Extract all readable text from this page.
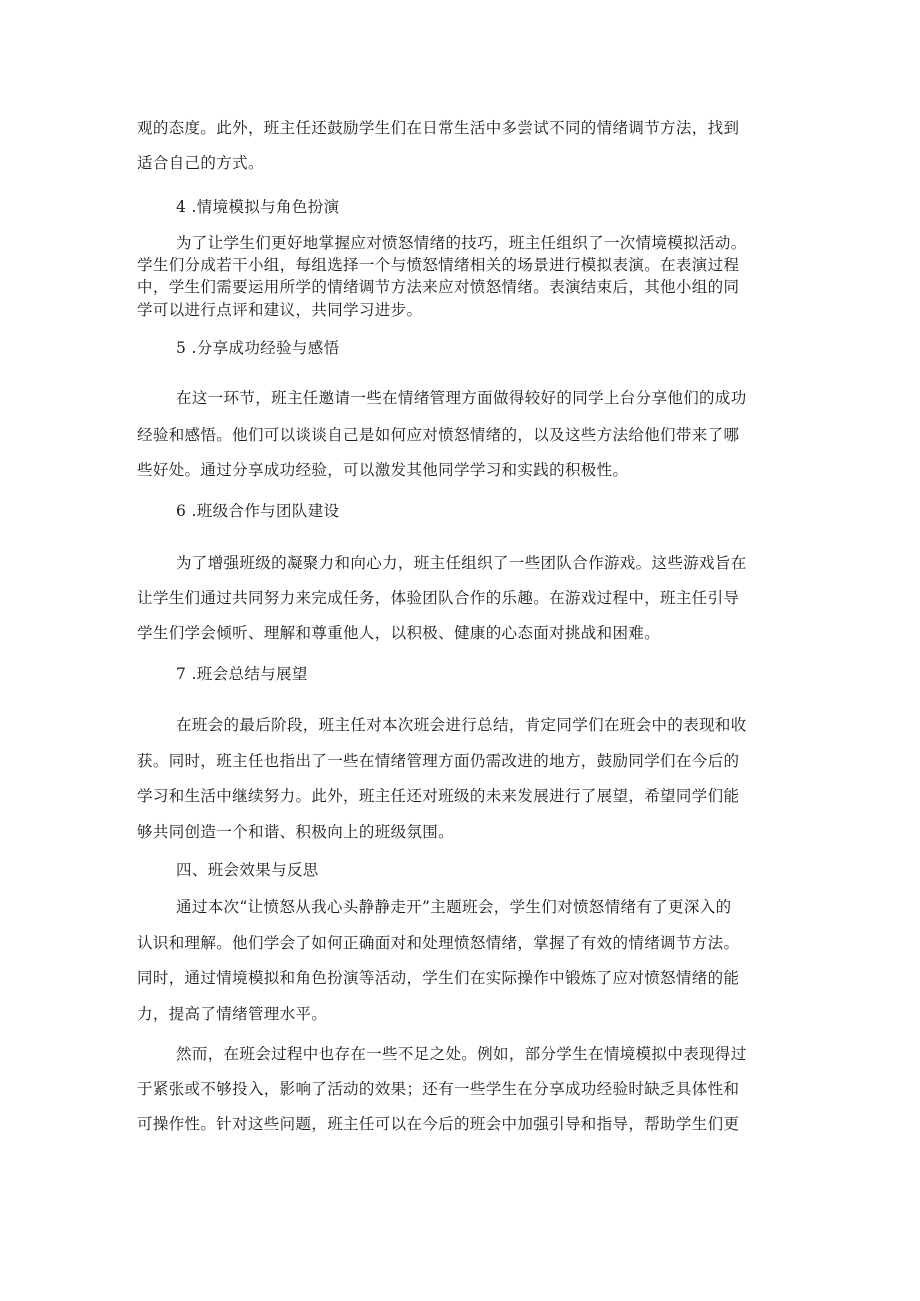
观的态度。此外，班主任还鼓励学生们在日常生活中多尝试不同的情绪调节方法，找到
适合自己的方式。
4 .情境模拟与角色扮演
为了让学生们更好地掌握应对愤怒情绪的技巧，班主任组织了一次情境模拟活动。
学生们分成若干小组，每组选择一个与愤怒情绪相关的场景进行模拟表演。在表演过程
中，学生们需要运用所学的情绪调节方法来应对愤怒情绪。表演结束后，其他小组的同
学可以进行点评和建议，共同学习进步。
5 .分享成功经验与感悟
在这一环节，班主任邀请一些在情绪管理方面做得较好的同学上台分享他们的成功
经验和感悟。他们可以谈谈自己是如何应对愤怒情绪的，以及这些方法给他们带来了哪
些好处。通过分享成功经验，可以激发其他同学学习和实践的积极性。
6 .班级合作与团队建设
为了增强班级的凝聚力和向心力，班主任组织了一些团队合作游戏。这些游戏旨在
让学生们通过共同努力来完成任务，体验团队合作的乐趣。在游戏过程中，班主任引导
学生们学会倾听、理解和尊重他人，以积极、健康的心态面对挑战和困难。
7 .班会总结与展望
在班会的最后阶段，班主任对本次班会进行总结，肯定同学们在班会中的表现和收
获。同时，班主任也指出了一些在情绪管理方面仍需改进的地方，鼓励同学们在今后的
学习和生活中继续努力。此外，班主任还对班级的未来发展进行了展望，希望同学们能
够共同创造一个和谐、积极向上的班级氛围。
四、班会效果与反思
通过本次“让愤怒从我心头静静走开”主题班会，学生们对愤怒情绪有了更深入的
认识和理解。他们学会了如何正确面对和处理愤怒情绪，掌握了有效的情绪调节方法。
同时，通过情境模拟和角色扮演等活动，学生们在实际操作中锻炼了应对愤怒情绪的能
力，提高了情绪管理水平。
然而，在班会过程中也存在一些不足之处。例如，部分学生在情境模拟中表现得过
于紧张或不够投入，影响了活动的效果；还有一些学生在分享成功经验时缺乏具体性和
可操作性。针对这些问题，班主任可以在今后的班会中加强引导和指导，帮助学生们更
